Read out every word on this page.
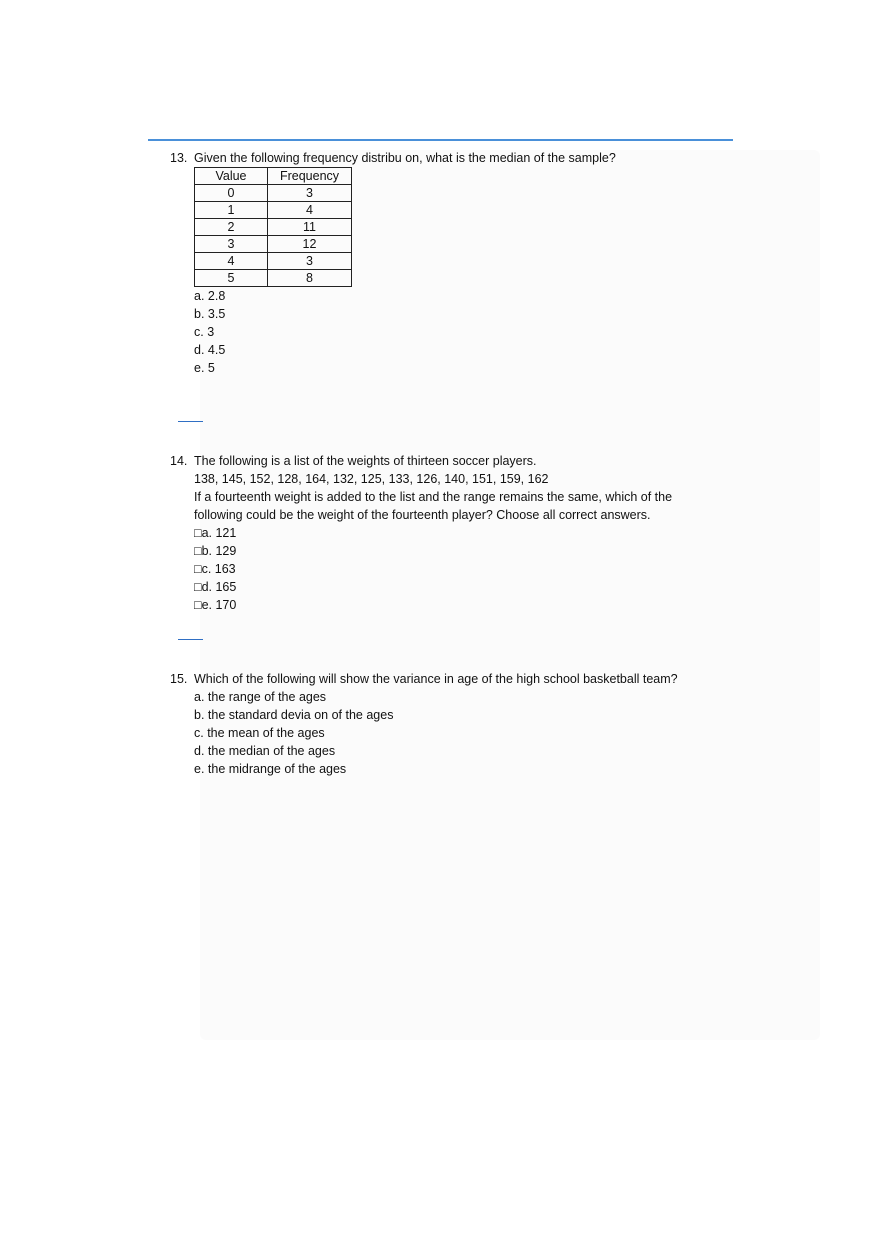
13. Given the following frequency distribu on, what is the median of the sample?
Value	Frequency
0	3
1	4
2	11
3	12
4	3
5	8
a. 2.8
b. 3.5
c. 3
d. 4.5
e. 5
14. The following is a list of the weights of thirteen soccer players.
138, 145, 152, 128, 164, 132, 125, 133, 126, 140, 151, 159, 162
If a fourteenth weight is added to the list and the range remains the same, which of the
following could be the weight of the fourteenth player? Choose all correct answers.
□a. 121
□b. 129
□c. 163
□d. 165
□e. 170
15. Which of the following will show the variance in age of the high school basketball team?
a. the range of the ages
b. the standard devia on of the ages
c. the mean of the ages
d. the median of the ages
e. the midrange of the ages
